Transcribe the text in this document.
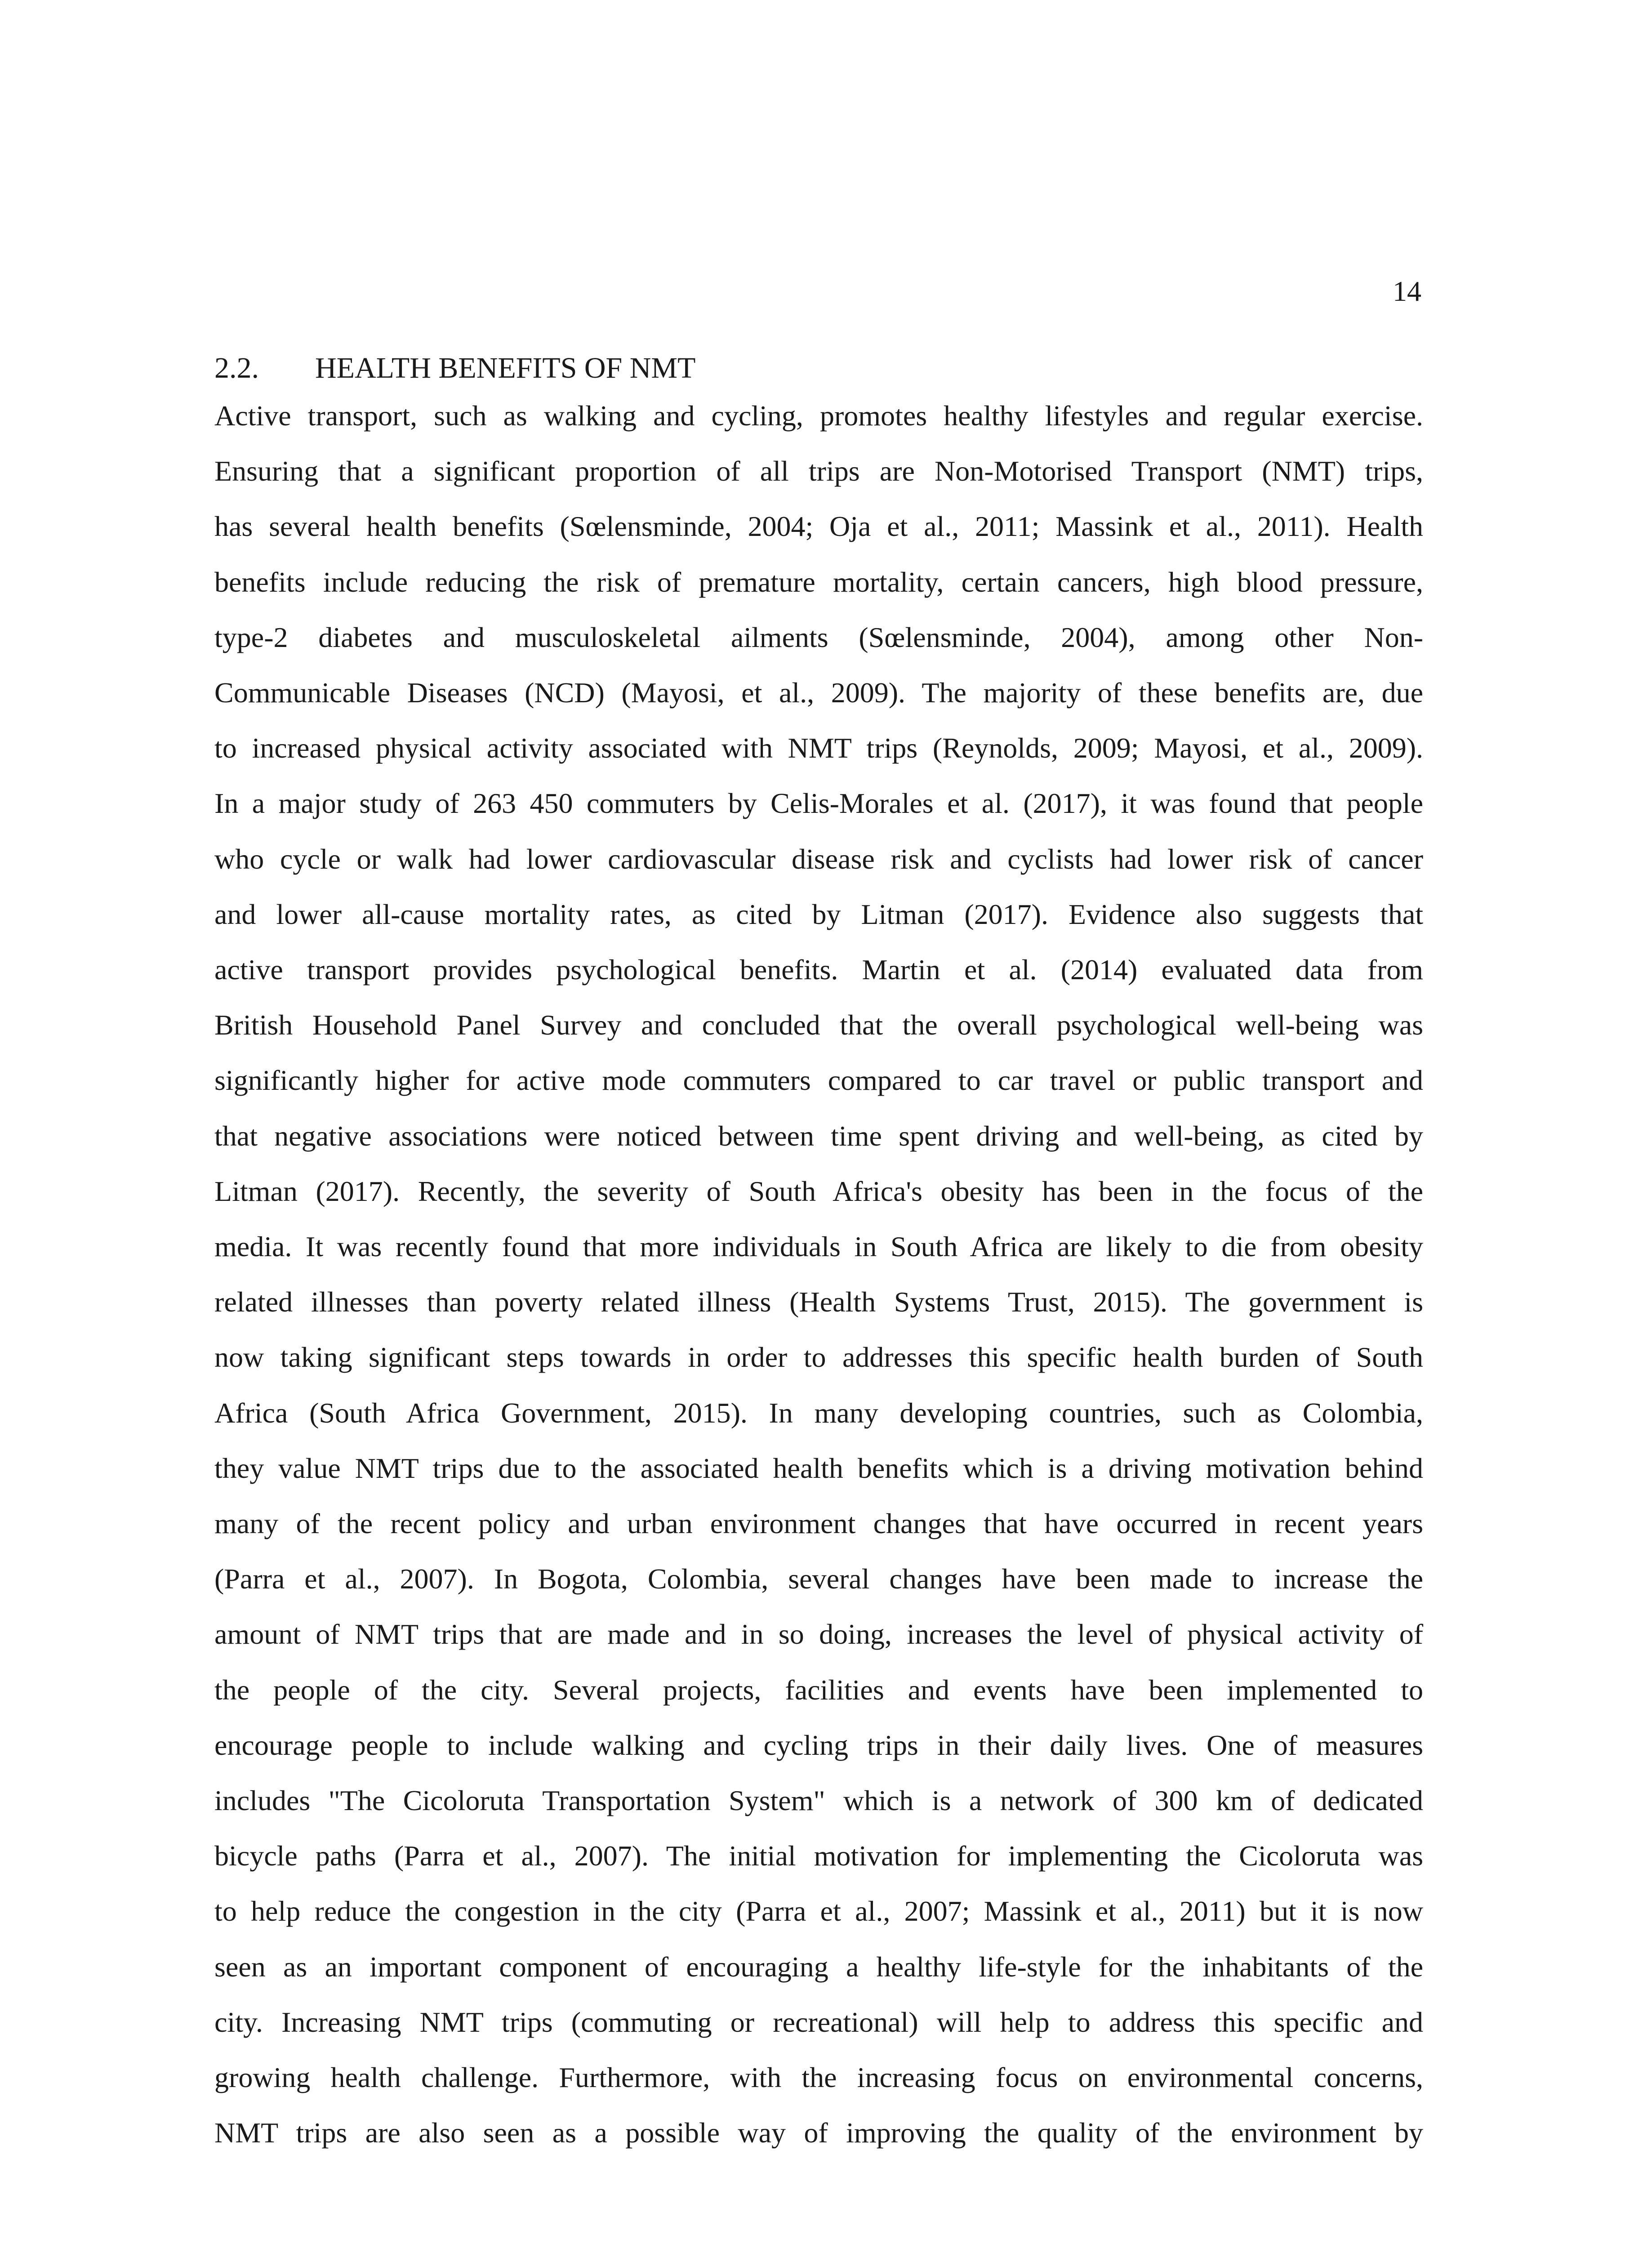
14
2.2. HEALTH BENEFITS OF NMT
Active transport, such as walking and cycling, promotes healthy lifestyles and regular exercise.
Ensuring that a significant proportion of all trips are Non-Motorised Transport (NMT) trips,
has several health benefits (Sœlensminde, 2004; Oja et al., 2011; Massink et al., 2011). Health
benefits include reducing the risk of premature mortality, certain cancers, high blood pressure,
type-2 diabetes and musculoskeletal ailments (Sœlensminde, 2004), among other Non-
Communicable Diseases (NCD) (Mayosi, et al., 2009). The majority of these benefits are, due
to increased physical activity associated with NMT trips (Reynolds, 2009; Mayosi, et al., 2009).
In a major study of 263 450 commuters by Celis-Morales et al. (2017), it was found that people
who cycle or walk had lower cardiovascular disease risk and cyclists had lower risk of cancer
and lower all-cause mortality rates, as cited by Litman (2017). Evidence also suggests that
active transport provides psychological benefits. Martin et al. (2014) evaluated data from
British Household Panel Survey and concluded that the overall psychological well-being was
significantly higher for active mode commuters compared to car travel or public transport and
that negative associations were noticed between time spent driving and well-being, as cited by
Litman (2017). Recently, the severity of South Africa's obesity has been in the focus of the
media. It was recently found that more individuals in South Africa are likely to die from obesity
related illnesses than poverty related illness (Health Systems Trust, 2015). The government is
now taking significant steps towards in order to addresses this specific health burden of South
Africa (South Africa Government, 2015). In many developing countries, such as Colombia,
they value NMT trips due to the associated health benefits which is a driving motivation behind
many of the recent policy and urban environment changes that have occurred in recent years
(Parra et al., 2007). In Bogota, Colombia, several changes have been made to increase the
amount of NMT trips that are made and in so doing, increases the level of physical activity of
the people of the city. Several projects, facilities and events have been implemented to
encourage people to include walking and cycling trips in their daily lives. One of measures
includes "The Cicoloruta Transportation System" which is a network of 300 km of dedicated
bicycle paths (Parra et al., 2007). The initial motivation for implementing the Cicoloruta was
to help reduce the congestion in the city (Parra et al., 2007; Massink et al., 2011) but it is now
seen as an important component of encouraging a healthy life-style for the inhabitants of the
city. Increasing NMT trips (commuting or recreational) will help to address this specific and
growing health challenge. Furthermore, with the increasing focus on environmental concerns,
NMT trips are also seen as a possible way of improving the quality of the environment by
